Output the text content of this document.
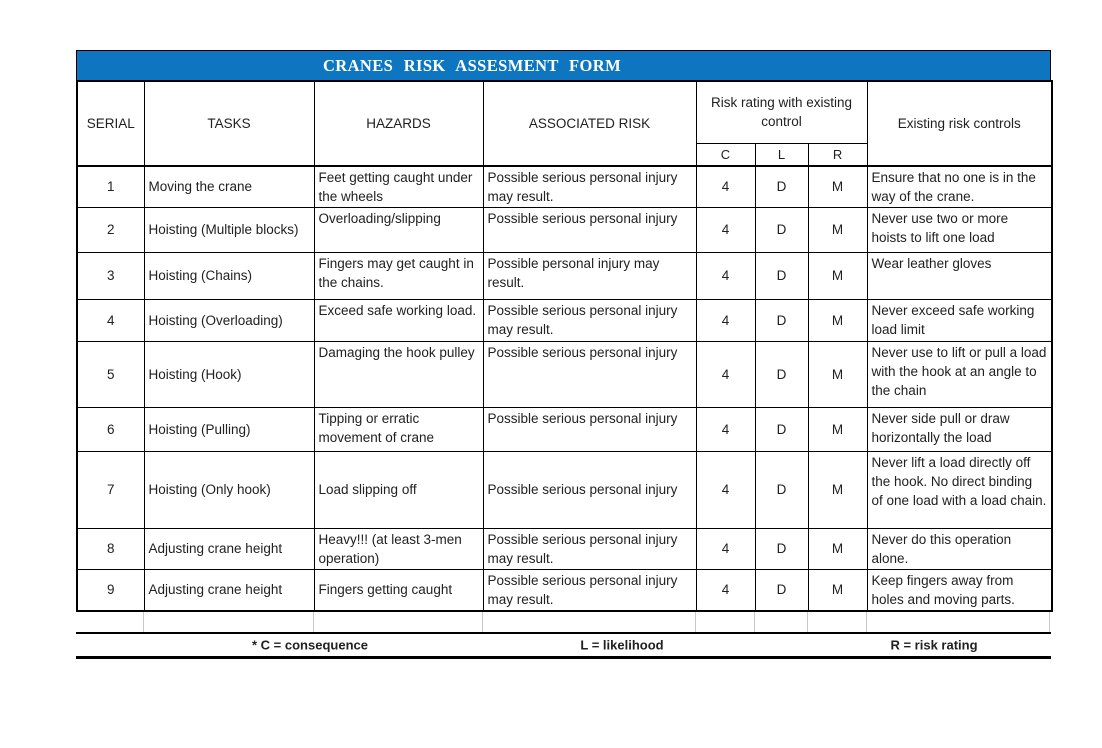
CRANES RISK ASSESMENT FORM
SERIAL	TASKS	HAZARDS	ASSOCIATED RISK	Risk rating with existing control			Existing risk controls
				C	L	R	
1	Moving the crane	Feet getting caught under the wheels	Possible serious personal injury may result.	4	D	M	Ensure that no one is in the way of the crane.
2	Hoisting (Multiple blocks)	Overloading/slipping	Possible serious personal injury	4	D	M	Never use two or more hoists to lift one load
3	Hoisting (Chains)	Fingers may get caught in the chains.	Possible personal injury may result.	4	D	M	Wear leather gloves
4	Hoisting (Overloading)	Exceed safe working load.	Possible serious personal injury may result.	4	D	M	Never exceed safe working load limit
5	Hoisting (Hook)	Damaging the hook pulley	Possible serious personal injury	4	D	M	Never use to lift or pull a load with the hook at an angle to the chain
6	Hoisting (Pulling)	Tipping or erratic movement of crane	Possible serious personal injury	4	D	M	Never side pull or draw horizontally the load
7	Hoisting (Only hook)	Load slipping off	Possible serious personal injury	4	D	M	Never lift a load directly off the hook. No direct binding of one load with a load chain.
8	Adjusting crane height	Heavy!!! (at least 3-men operation)	Possible serious personal injury may result.	4	D	M	Never do this operation alone.
9	Adjusting crane height	Fingers getting caught	Possible serious personal injury may result.	4	D	M	Keep fingers away from holes and moving parts.
* C = consequence	L = likelihood	R = risk rating
